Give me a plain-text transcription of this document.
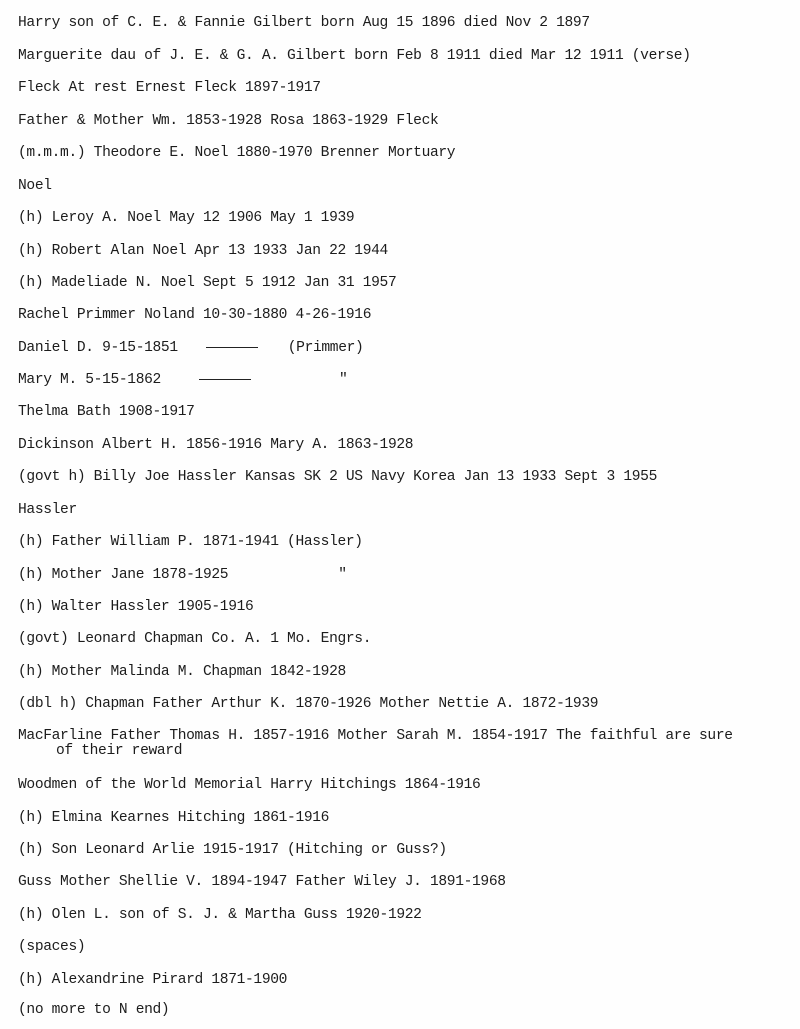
Harry son of C. E. & Fannie Gilbert born Aug 15 1896 died Nov 2 1897
Marguerite dau of J. E. & G. A. Gilbert born Feb 8 1911 died Mar 12 1911 (verse)
Fleck At rest Ernest Fleck 1897-1917
Father & Mother Wm. 1853-1928 Rosa 1863-1929 Fleck
(m.m.m.) Theodore E. Noel 1880-1970 Brenner Mortuary
Noel
(h) Leroy A. Noel May 12 1906 May 1 1939
(h) Robert Alan Noel Apr 13 1933 Jan 22 1944
(h) Madeliade N. Noel Sept 5 1912 Jan 31 1957
Rachel Primmer Noland 10-30-1880 4-26-1916
Daniel D. 9-15-1851	(Primmer)
Mary M. 5-15-1862	"
Thelma Bath 1908-1917
Dickinson Albert H. 1856-1916 Mary A. 1863-1928
(govt h) Billy Joe Hassler Kansas SK 2 US Navy Korea Jan 13 1933 Sept 3 1955
Hassler
(h) Father William P. 1871-1941 (Hassler)
(h) Mother Jane 1878-1925	"
(h) Walter Hassler 1905-1916
(govt) Leonard Chapman Co. A. 1 Mo. Engrs.
(h) Mother Malinda M. Chapman 1842-1928
(dbl h) Chapman Father Arthur K. 1870-1926 Mother Nettie A. 1872-1939
MacFarline Father Thomas H. 1857-1916 Mother Sarah M. 1854-1917 The faithful are sure
of their reward
Woodmen of the World Memorial Harry Hitchings 1864-1916
(h) Elmina Kearnes Hitching 1861-1916
(h) Son Leonard Arlie 1915-1917 (Hitching or Guss?)
Guss Mother Shellie V. 1894-1947 Father Wiley J. 1891-1968
(h) Olen L. son of S. J. & Martha Guss 1920-1922
(spaces)
(h) Alexandrine Pirard 1871-1900
(no more to N end)
